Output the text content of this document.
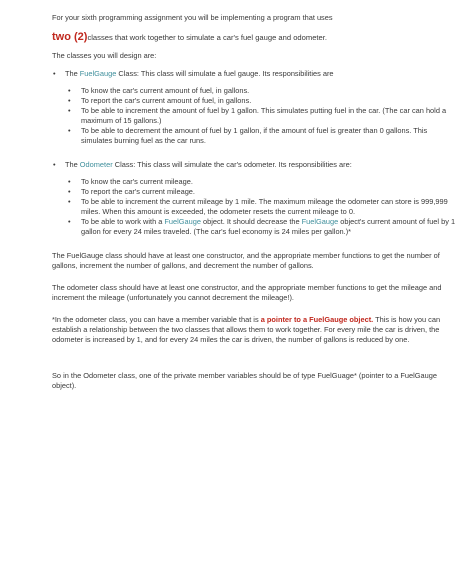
For your sixth programming assignment you will be implementing a program that uses

two (2)classes that work together to simulate a car's fuel gauge and odometer.

The classes you will design are:

• The FuelGauge Class: This class will simulate a fuel gauge. Its responsibilities are

• To know the car's current amount of fuel, in gallons.
• To report the car's current amount of fuel, in gallons.
• To be able to increment the amount of fuel by 1 gallon. This simulates putting fuel in the car. (The car can hold a maximum of 15 gallons.)
• To be able to decrement the amount of fuel by 1 gallon, if the amount of fuel is greater than 0 gallons. This simulates burning fuel as the car runs.
• The Odometer Class: This class will simulate the car's odometer. Its responsibilities are:

• To know the car's current mileage.
• To report the car's current mileage.
• To be able to increment the current mileage by 1 mile. The maximum mileage the odometer can store is 999,999 miles. When this amount is exceeded, the odometer resets the current mileage to 0.
• To be able to work with a FuelGauge object. It should decrease the FuelGauge object's current amount of fuel by 1 gallon for every 24 miles traveled. (The car's fuel economy is 24 miles per gallon.)*

The FuelGauge class should have at least one constructor, and the appropriate member functions to get the number of gallons, increment the number of gallons, and decrement the number of gallons.

The odometer class should have at least one constructor, and the appropriate member functions to get the mileage and increment the mileage (unfortunately you cannot decrement the mileage!).

*In the odometer class, you can have a member variable that is a pointer to a FuelGauge object. This is how you can establish a relationship between the two classes that allows them to work together. For every mile the car is driven, the odometer is increased by 1, and for every 24 miles the car is driven, the number of gallons is reduced by one.

So in the Odometer class, one of the private member variables should be of type FuelGuage* (pointer to a FuelGauge object).
